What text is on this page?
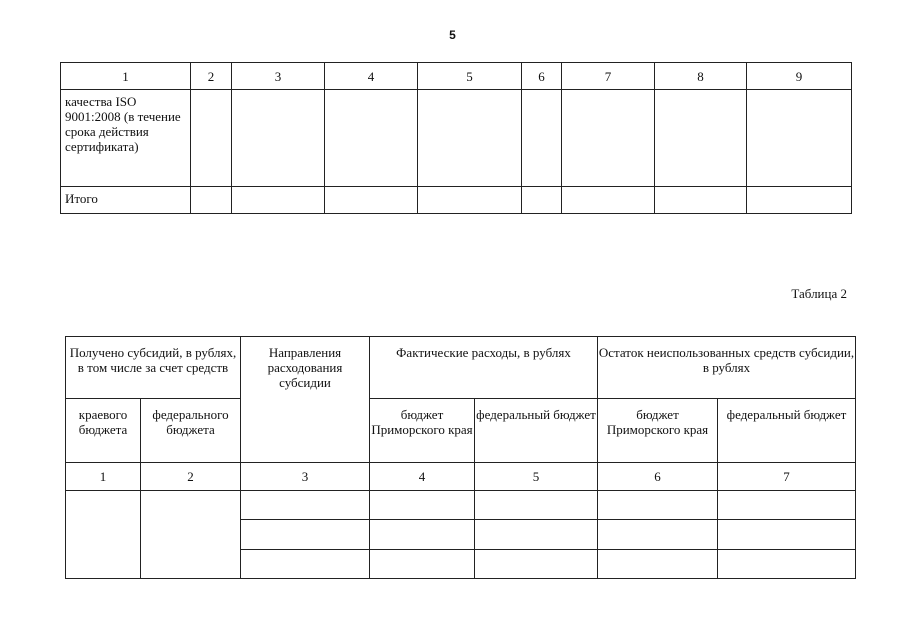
5
1	2	3	4	5	6	7	8	9
качества ISO 9001:2008 (в течение срока действия сертификата)								
Итого								
Таблица 2
Получено субсидий, в рублях, в том числе за счет средств		Направления расходования субсидии	Фактические расходы, в рублях		Остаток неиспользованных средств субсидии, в рублях	
краевого бюджета	федерального бюджета		бюджет Приморского края	федеральный бюджет	бюджет Приморского края	федеральный бюджет
1	2	3	4	5	6	7
